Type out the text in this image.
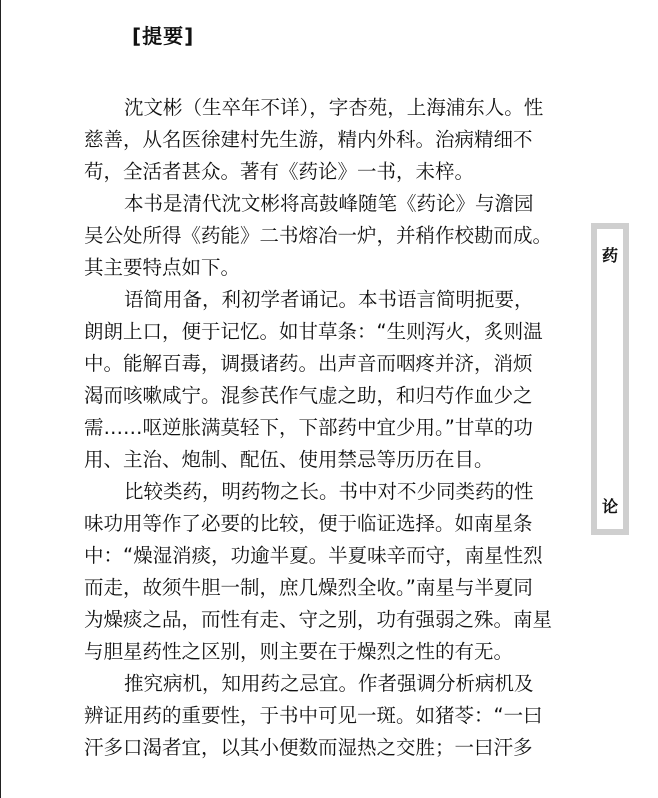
[提要]
沈文彬（生卒年不详），字杏苑，上海浦东人。性
慈善，从名医徐建村先生游，精内外科。治病精细不
苟，全活者甚众。著有《药论》一书，未梓。
本书是清代沈文彬将高鼓峰随笔《药论》与澹园
吴公处所得《药能》二书熔冶一炉，并稍作校勘而成。
其主要特点如下。
语简用备，利初学者诵记。本书语言简明扼要，
朗朗上口，便于记忆。如甘草条：“生则泻火，炙则温
中。能解百毒，调摄诸药。出声音而咽疼并济，消烦
渴而咳嗽咸宁。混参芪作气虚之助，和归芍作血少之
需……呕逆胀满莫轻下，下部药中宜少用。”甘草的功
用、主治、炮制、配伍、使用禁忌等历历在目。
比较类药，明药物之长。书中对不少同类药的性
味功用等作了必要的比较，便于临证选择。如南星条
中：“燥湿消痰，功逾半夏。半夏味辛而守，南星性烈
而走，故须牛胆一制，庶几燥烈全收。”南星与半夏同
为燥痰之品，而性有走、守之别，功有强弱之殊。南星
与胆星药性之区别，则主要在于燥烈之性的有无。
推究病机，知用药之忌宜。作者强调分析病机及
辨证用药的重要性，于书中可见一斑。如猪苓：“一曰
汗多口渴者宜，以其小便数而湿热之交胜；一曰汗多
药
论
